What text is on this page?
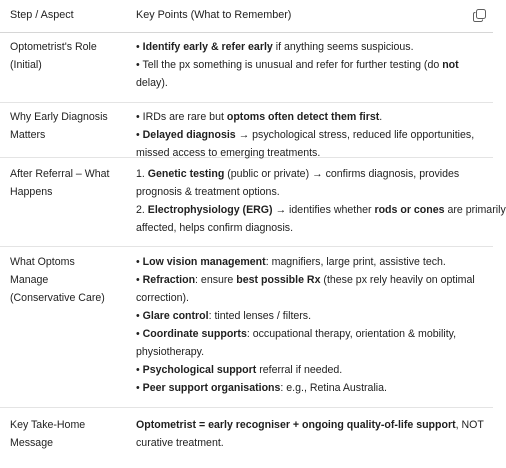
Step / Aspect	Key Points (What to Remember)
Optometrist's Role
(Initial)
• Identify early & refer early if anything seems suspicious.
• Tell the px something is unusual and refer for further testing (do not
delay).
Why Early Diagnosis
Matters
• IRDs are rare but optoms often detect them first.
• Delayed diagnosis → psychological stress, reduced life opportunities,
missed access to emerging treatments.
After Referral – What
Happens
1. Genetic testing (public or private) → confirms diagnosis, provides
prognosis & treatment options.
2. Electrophysiology (ERG) → identifies whether rods or cones are primarily
affected, helps confirm diagnosis.
What Optoms
Manage
(Conservative Care)
• Low vision management: magnifiers, large print, assistive tech.
• Refraction: ensure best possible Rx (these px rely heavily on optimal
correction).
• Glare control: tinted lenses / filters.
• Coordinate supports: occupational therapy, orientation & mobility,
physiotherapy.
• Psychological support referral if needed.
• Peer support organisations: e.g., Retina Australia.
Key Take-Home
Message
Optometrist = early recogniser + ongoing quality-of-life support, NOT
curative treatment.
